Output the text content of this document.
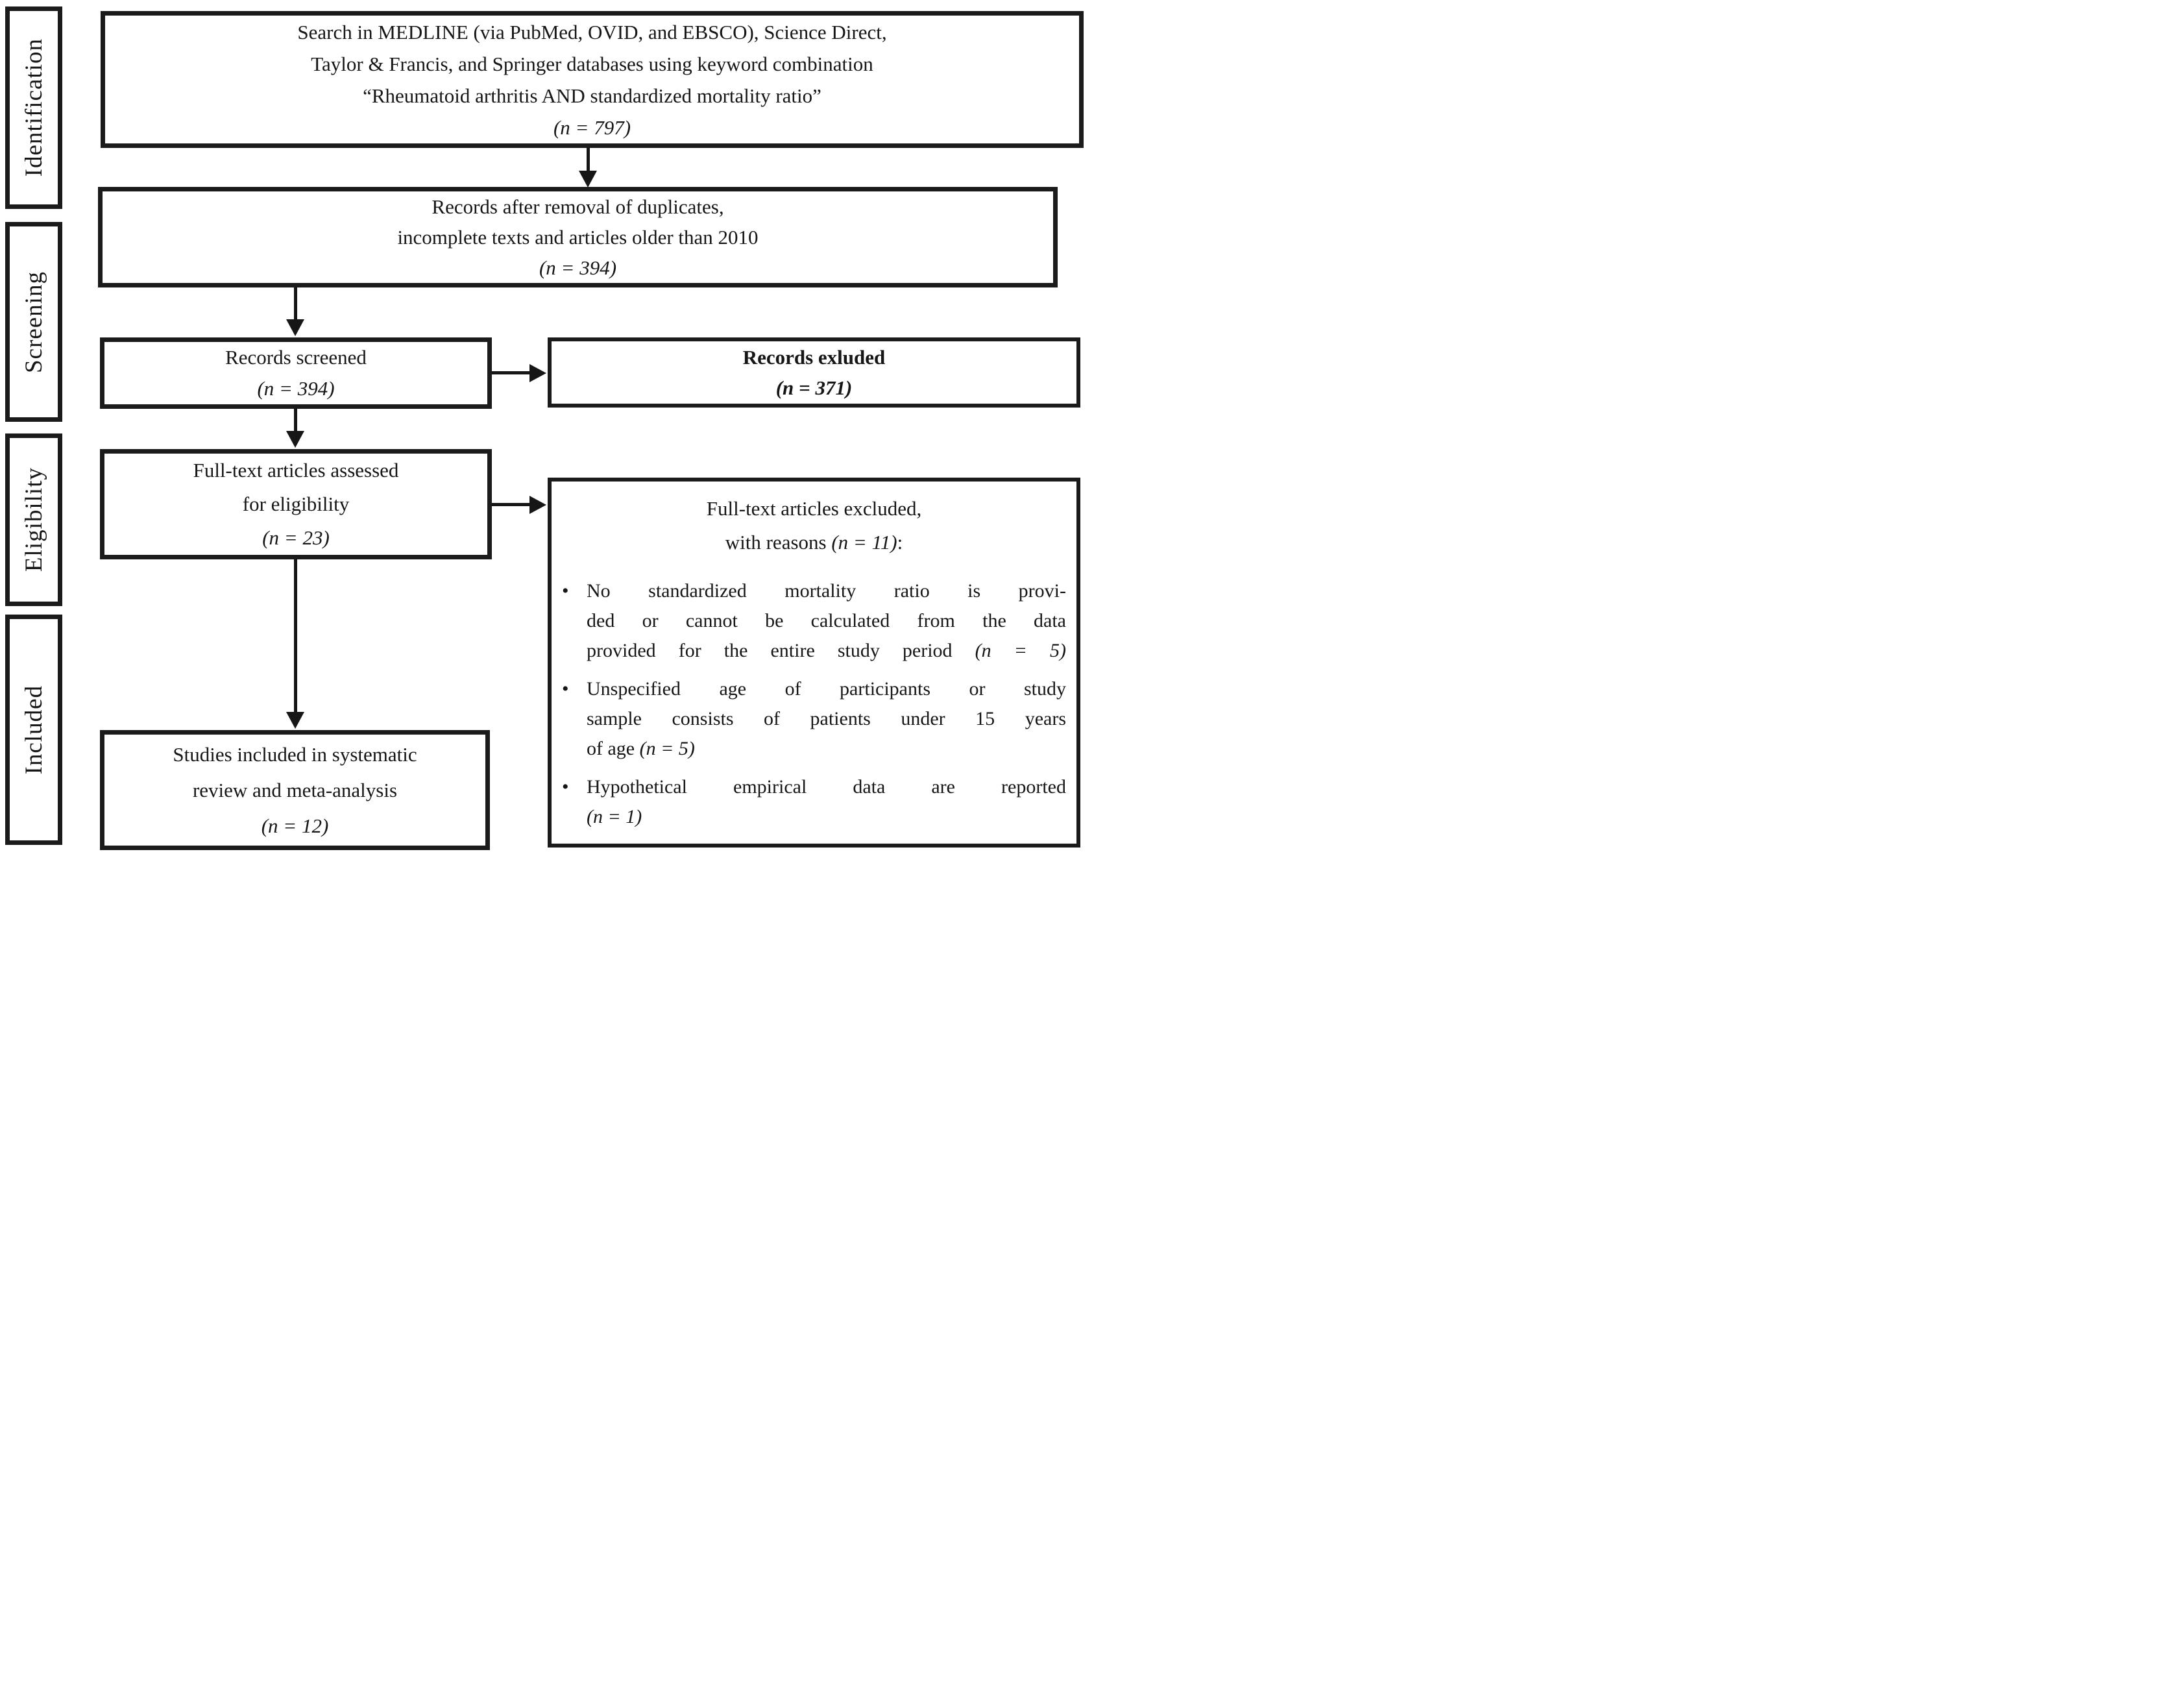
Identification
Screening
Eligibility
Included
Search in MEDLINE (via PubMed, OVID, and EBSCO), Science Direct,
Taylor & Francis, and Springer databases using keyword combination
“Rheumatoid arthritis AND standardized mortality ratio”
(n = 797)
Records after removal of duplicates,
incomplete texts and articles older than 2010
(n = 394)
Records screened
(n = 394)
Records exluded
(n = 371)
Full-text articles assessed
for eligibility
(n = 23)
Full-text articles excluded,
with reasons (n = 11):
• No standardized mortality ratio is provi-
ded or cannot be calculated from the data
provided for the entire study period (n = 5)
• Unspecified age of participants or study
sample consists of patients under 15 years
of age (n = 5)
• Hypothetical empirical data are reported
(n = 1)
Studies included in systematic
review and meta-analysis
(n = 12)
